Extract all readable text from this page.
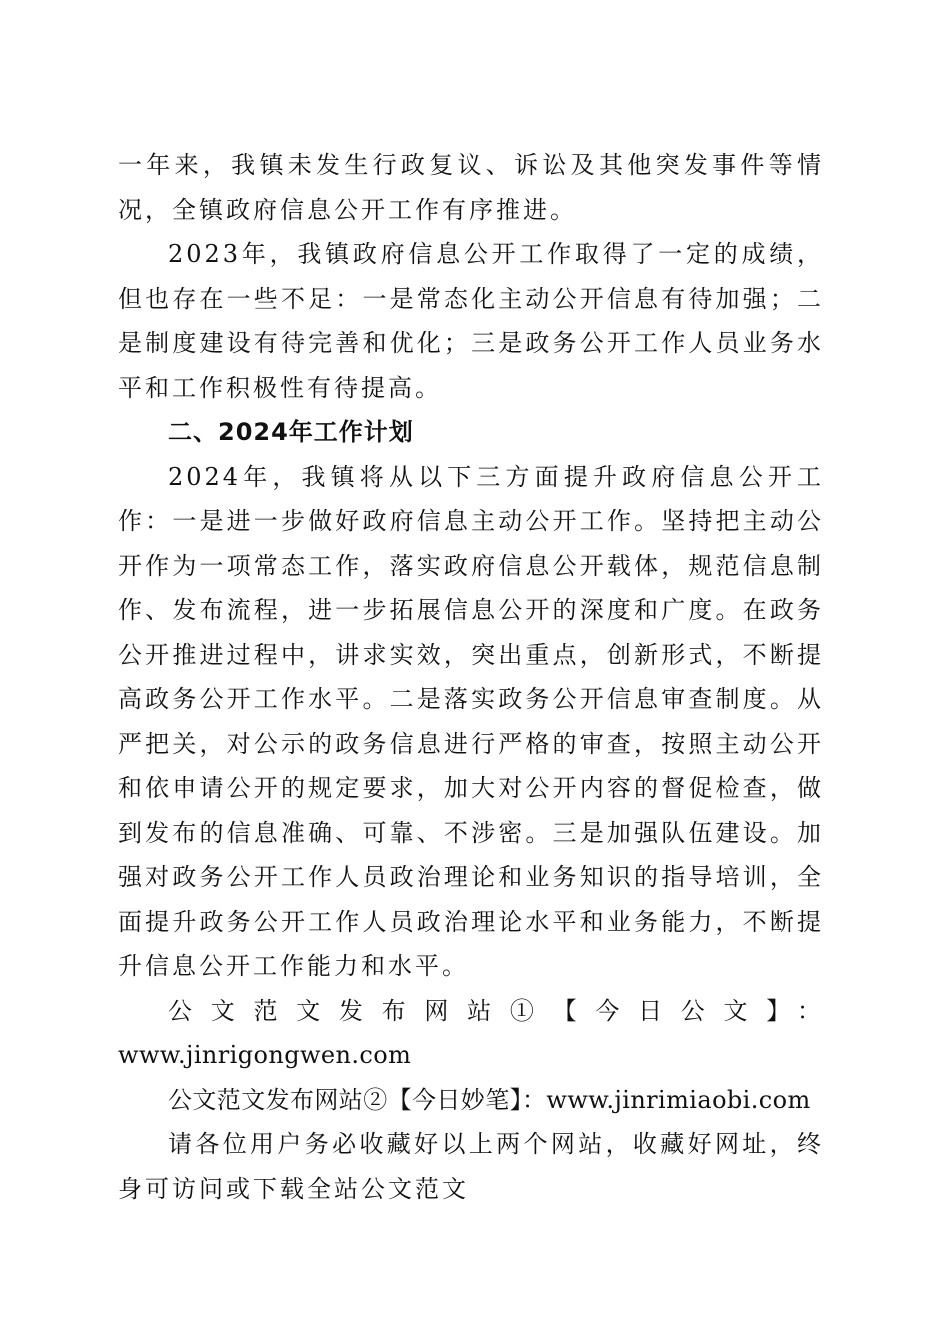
一年来，我镇未发生行政复议、诉讼及其他突发事件等情况，全镇政府信息公开工作有序推进。

2023年，我镇政府信息公开工作取得了一定的成绩，但也存在一些不足：一是常态化主动公开信息有待加强；二是制度建设有待完善和优化；三是政务公开工作人员业务水平和工作积极性有待提高。

二、2024年工作计划

2024年，我镇将从以下三方面提升政府信息公开工作：一是进一步做好政府信息主动公开工作。坚持把主动公开作为一项常态工作，落实政府信息公开载体，规范信息制作、发布流程，进一步拓展信息公开的深度和广度。在政务公开推进过程中，讲求实效，突出重点，创新形式，不断提高政务公开工作水平。二是落实政务公开信息审查制度。从严把关，对公示的政务信息进行严格的审查，按照主动公开和依申请公开的规定要求，加大对公开内容的督促检查，做到发布的信息准确、可靠、不涉密。三是加强队伍建设。加强对政务公开工作人员政治理论和业务知识的指导培训，全面提升政务公开工作人员政治理论水平和业务能力，不断提升信息公开工作能力和水平。

公文范文发布网站①【今日公文】：

www.jinrigongwen.com

公文范文发布网站②【今日妙笔】：www.jinrimiaobi.com

请各位用户务必收藏好以上两个网站，收藏好网址，终身可访问或下载全站公文范文
